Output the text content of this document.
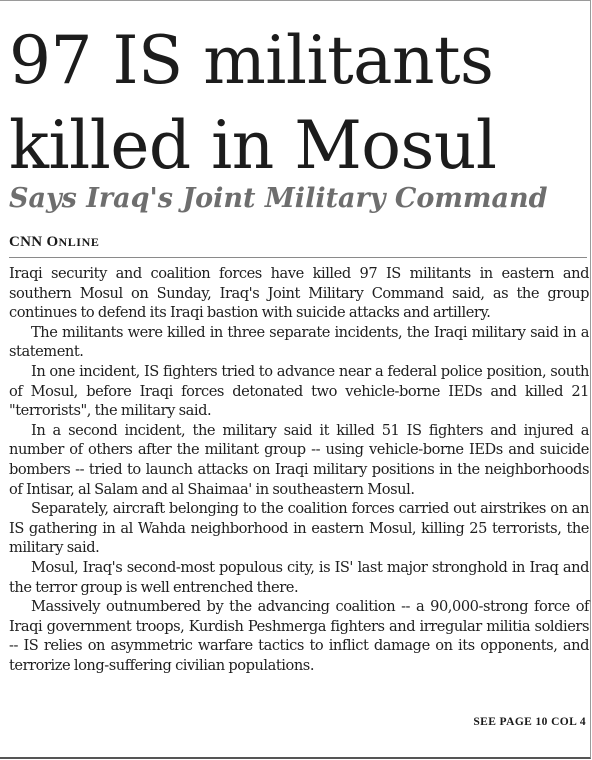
97 IS militants killed in Mosul
Says Iraq's Joint Military Command
CNN ONLINE

Iraqi security and coalition forces have killed 97 IS militants in eastern and southern Mosul on Sunday, Iraq's Joint Military Command said, as the group continues to defend its Iraqi bastion with suicide attacks and artillery.

The militants were killed in three separate incidents, the Iraqi military said in a statement.

In one incident, IS fighters tried to advance near a federal police position, south of Mosul, before Iraqi forces detonated two vehicle-borne IEDs and killed 21 "terrorists", the military said.

In a second incident, the military said it killed 51 IS fighters and injured a number of others after the militant group -- using vehicle-borne IEDs and suicide bombers -- tried to launch attacks on Iraqi military positions in the neighborhoods of Intisar, al Salam and al Shaimaa' in southeastern Mosul.

Separately, aircraft belonging to the coalition forces carried out airstrikes on an IS gathering in al Wahda neighborhood in eastern Mosul, killing 25 terrorists, the military said.

Mosul, Iraq's second-most populous city, is IS' last major stronghold in Iraq and the terror group is well entrenched there.

Massively outnumbered by the advancing coalition -- a 90,000-strong force of Iraqi government troops, Kurdish Peshmerga fighters and irregular militia soldiers -- IS relies on asymmetric warfare tactics to inflict damage on its opponents, and terrorize long-suffering civilian populations.

SEE PAGE 10 COL 4
